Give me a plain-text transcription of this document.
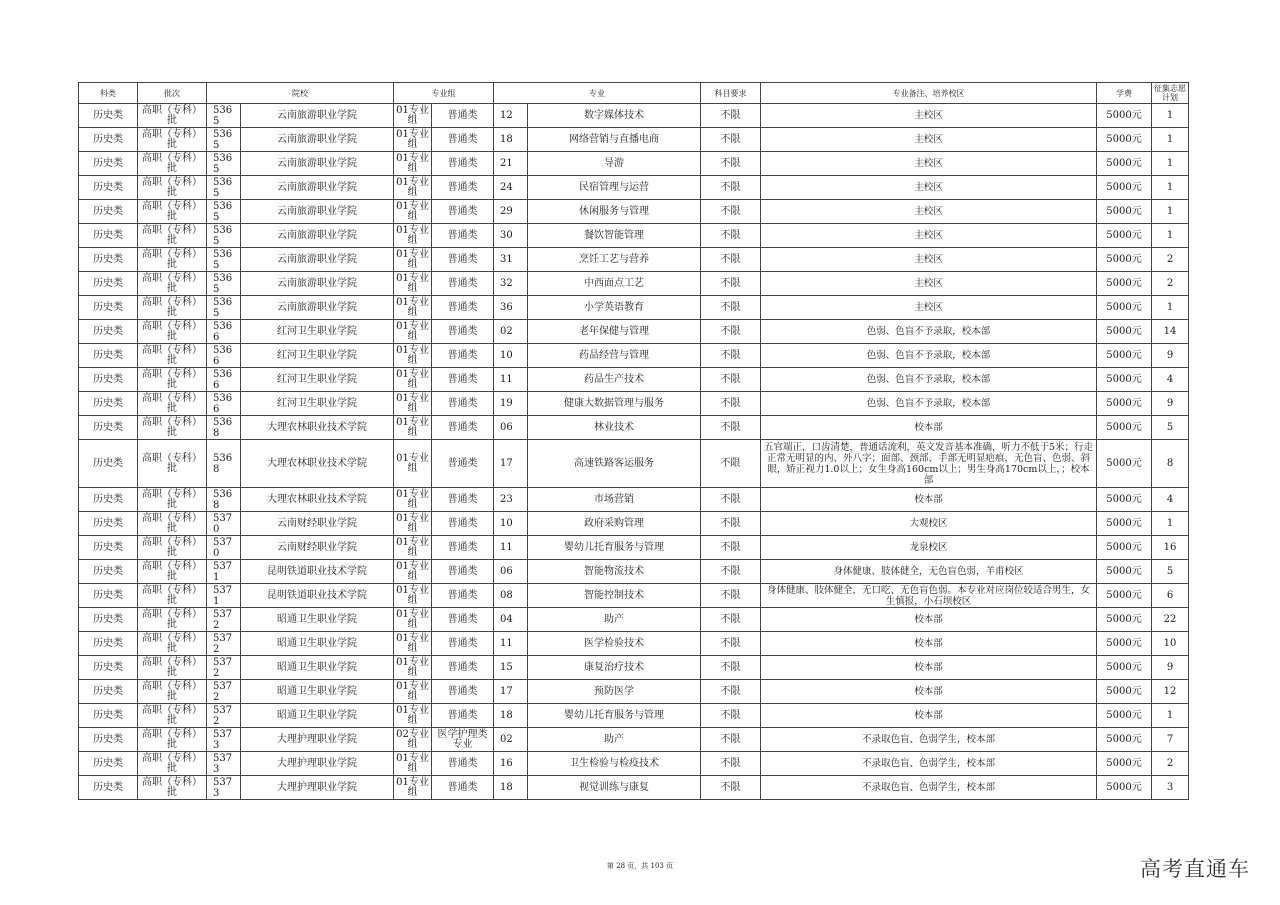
科类	批次	院校		专业组		专业		科目要求	专业备注、培养校区	学费	征集志愿计划
历史类	高职（专科）批	5365	云南旅游职业学院	01专业组	普通类	12	数字媒体技术	不限	主校区	5000元	1
历史类	高职（专科）批	5365	云南旅游职业学院	01专业组	普通类	18	网络营销与直播电商	不限	主校区	5000元	1
历史类	高职（专科）批	5365	云南旅游职业学院	01专业组	普通类	21	导游	不限	主校区	5000元	1
历史类	高职（专科）批	5365	云南旅游职业学院	01专业组	普通类	24	民宿管理与运营	不限	主校区	5000元	1
历史类	高职（专科）批	5365	云南旅游职业学院	01专业组	普通类	29	休闲服务与管理	不限	主校区	5000元	1
历史类	高职（专科）批	5365	云南旅游职业学院	01专业组	普通类	30	餐饮智能管理	不限	主校区	5000元	1
历史类	高职（专科）批	5365	云南旅游职业学院	01专业组	普通类	31	烹饪工艺与营养	不限	主校区	5000元	2
历史类	高职（专科）批	5365	云南旅游职业学院	01专业组	普通类	32	中西面点工艺	不限	主校区	5000元	2
历史类	高职（专科）批	5365	云南旅游职业学院	01专业组	普通类	36	小学英语教育	不限	主校区	5000元	1
历史类	高职（专科）批	5366	红河卫生职业学院	01专业组	普通类	02	老年保健与管理	不限	色弱、色盲不予录取，校本部	5000元	14
历史类	高职（专科）批	5366	红河卫生职业学院	01专业组	普通类	10	药品经营与管理	不限	色弱、色盲不予录取，校本部	5000元	9
历史类	高职（专科）批	5366	红河卫生职业学院	01专业组	普通类	11	药品生产技术	不限	色弱、色盲不予录取，校本部	5000元	4
历史类	高职（专科）批	5366	红河卫生职业学院	01专业组	普通类	19	健康大数据管理与服务	不限	色弱、色盲不予录取，校本部	5000元	9
历史类	高职（专科）批	5368	大理农林职业技术学院	01专业组	普通类	06	林业技术	不限	校本部	5000元	5
历史类	高职（专科）批	5368	大理农林职业技术学院	01专业组	普通类	17	高速铁路客运服务	不限	五官端正，口齿清楚，普通话流利，英文发音基本准确，听力不低于5米；行走正常无明显的内、外八字；面部、颈部、手部无明显疤痕，无色盲、色弱、斜眼，矫正视力1.0以上；女生身高160cm以上；男生身高170cm以上，；校本部	5000元	8
历史类	高职（专科）批	5368	大理农林职业技术学院	01专业组	普通类	23	市场营销	不限	校本部	5000元	4
历史类	高职（专科）批	5370	云南财经职业学院	01专业组	普通类	10	政府采购管理	不限	大观校区	5000元	1
历史类	高职（专科）批	5370	云南财经职业学院	01专业组	普通类	11	婴幼儿托育服务与管理	不限	龙泉校区	5000元	16
历史类	高职（专科）批	5371	昆明铁道职业技术学院	01专业组	普通类	06	智能物流技术	不限	身体健康、肢体健全，无色盲色弱，羊甫校区	5000元	5
历史类	高职（专科）批	5371	昆明铁道职业技术学院	01专业组	普通类	08	智能控制技术	不限	身体健康、肢体健全，无口吃、无色盲色弱。本专业对应岗位较适合男生，女生慎报，小石坝校区	5000元	6
历史类	高职（专科）批	5372	昭通卫生职业学院	01专业组	普通类	04	助产	不限	校本部	5000元	22
历史类	高职（专科）批	5372	昭通卫生职业学院	01专业组	普通类	11	医学检验技术	不限	校本部	5000元	10
历史类	高职（专科）批	5372	昭通卫生职业学院	01专业组	普通类	15	康复治疗技术	不限	校本部	5000元	9
历史类	高职（专科）批	5372	昭通卫生职业学院	01专业组	普通类	17	预防医学	不限	校本部	5000元	12
历史类	高职（专科）批	5372	昭通卫生职业学院	01专业组	普通类	18	婴幼儿托育服务与管理	不限	校本部	5000元	1
历史类	高职（专科）批	5373	大理护理职业学院	02专业组	医学护理类专业	02	助产	不限	不录取色盲、色弱学生，校本部	5000元	7
历史类	高职（专科）批	5373	大理护理职业学院	01专业组	普通类	16	卫生检验与检疫技术	不限	不录取色盲、色弱学生，校本部	5000元	2
历史类	高职（专科）批	5373	大理护理职业学院	01专业组	普通类	18	视觉训练与康复	不限	不录取色盲、色弱学生，校本部	5000元	3
第 28 页，共 103 页	高考直通车
